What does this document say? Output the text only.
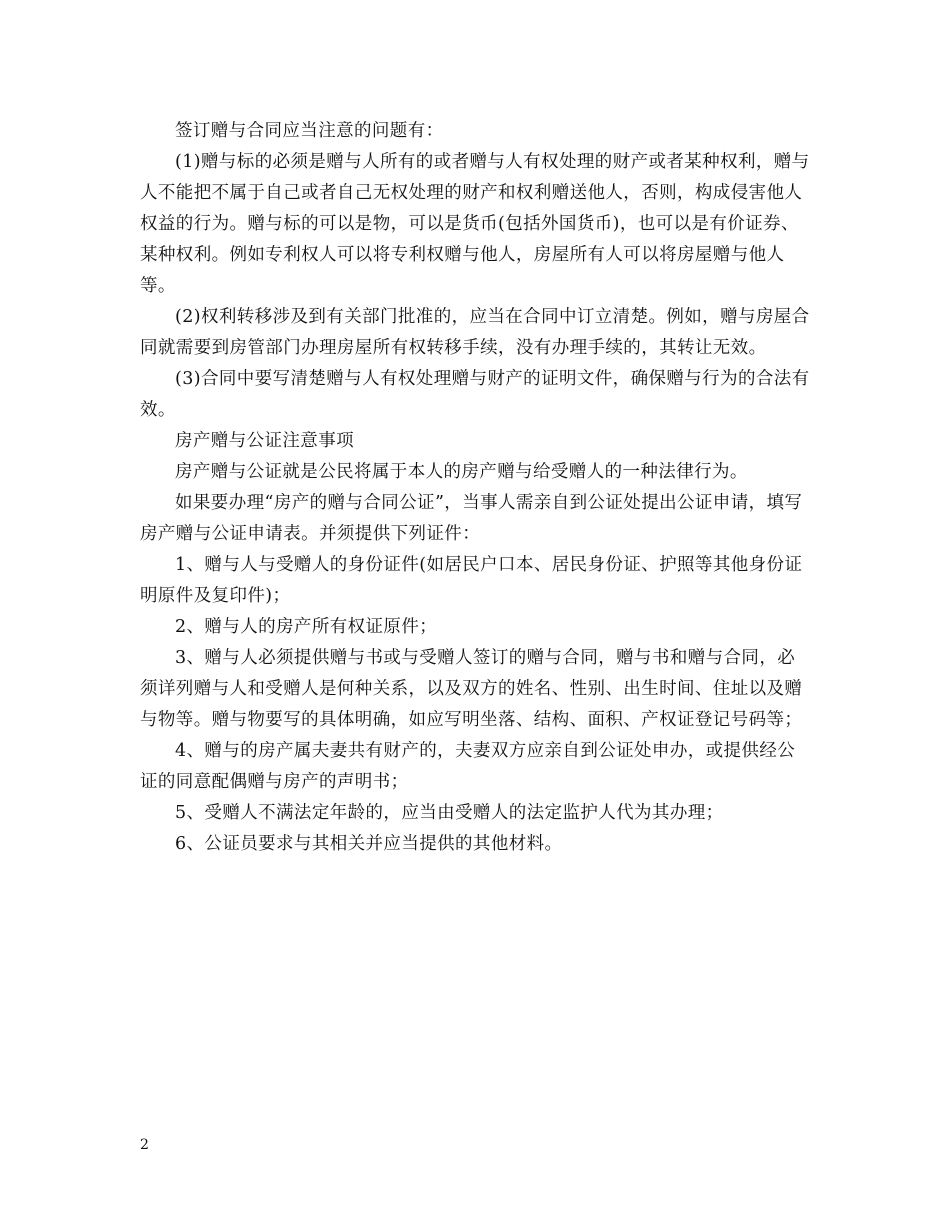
签订赠与合同应当注意的问题有：

(1)赠与标的必须是赠与人所有的或者赠与人有权处理的财产或者某种权利，赠与人不能把不属于自己或者自己无权处理的财产和权利赠送他人，否则，构成侵害他人权益的行为。赠与标的可以是物，可以是货币(包括外国货币)，也可以是有价证券、某种权利。例如专利权人可以将专利权赠与他人，房屋所有人可以将房屋赠与他人等。

(2)权利转移涉及到有关部门批准的，应当在合同中订立清楚。例如，赠与房屋合同就需要到房管部门办理房屋所有权转移手续，没有办理手续的，其转让无效。

(3)合同中要写清楚赠与人有权处理赠与财产的证明文件，确保赠与行为的合法有效。

房产赠与公证注意事项

房产赠与公证就是公民将属于本人的房产赠与给受赠人的一种法律行为。

如果要办理“房产的赠与合同公证”，当事人需亲自到公证处提出公证申请，填写房产赠与公证申请表。并须提供下列证件：

1、赠与人与受赠人的身份证件(如居民户口本、居民身份证、护照等其他身份证明原件及复印件)；

2、赠与人的房产所有权证原件；

3、赠与人必须提供赠与书或与受赠人签订的赠与合同，赠与书和赠与合同，必须详列赠与人和受赠人是何种关系，以及双方的姓名、性别、出生时间、住址以及赠与物等。赠与物要写的具体明确，如应写明坐落、结构、面积、产权证登记号码等；

4、赠与的房产属夫妻共有财产的，夫妻双方应亲自到公证处申办，或提供经公证的同意配偶赠与房产的声明书；

5、受赠人不满法定年龄的，应当由受赠人的法定监护人代为其办理；

6、公证员要求与其相关并应当提供的其他材料。

2
